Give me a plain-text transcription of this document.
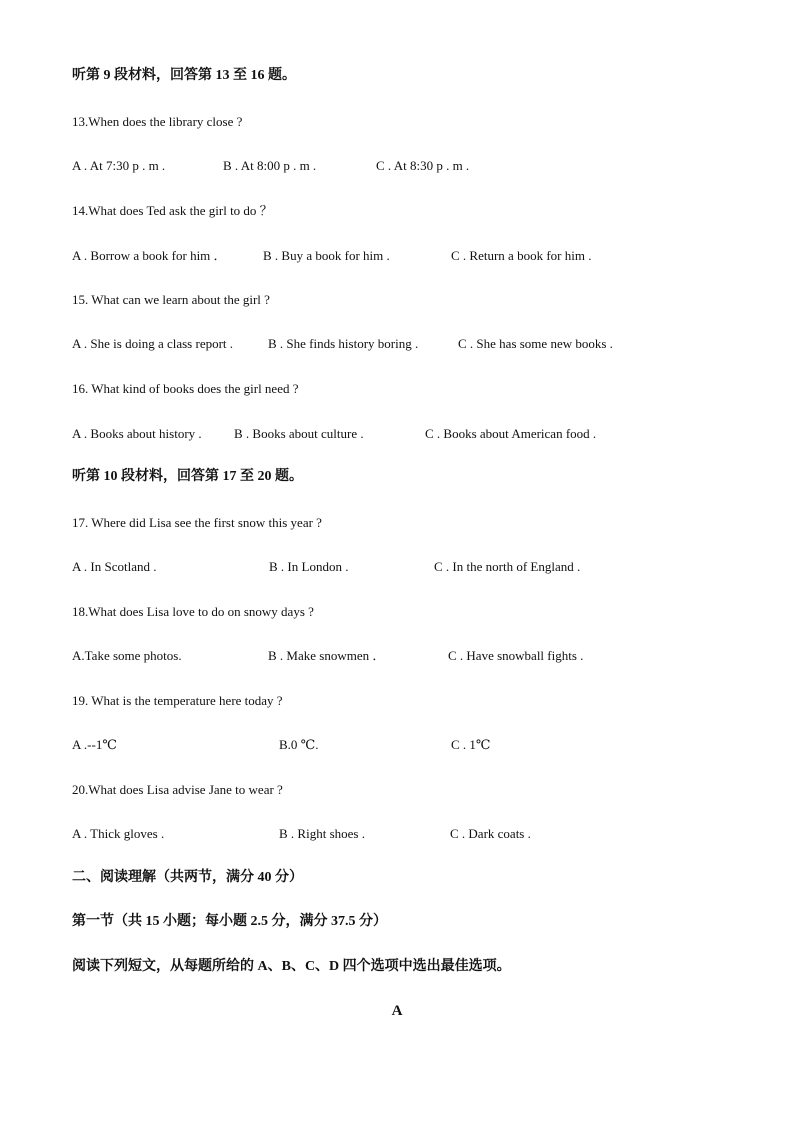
听第 9 段材料，回答第 13 至 16 题。
13.When does the library close ?
A . At 7:30 p . m .	B . At 8:00 p . m .	C . At 8:30 p . m .
14.What does Ted ask the girl to do ？
A . Borrow a book for him ．	B . Buy a book for him .	C . Return a book for him .
15. What can we learn about the girl ?
A . She is doing a class report .	B . She finds history boring .	C . She has some new books .
16. What kind of books does the girl need ?
A . Books about history . B . Books about culture .	C . Books about American food .
听第 10 段材料，回答第 17 至 20 题。
17. Where did Lisa see the first snow this year ?
A . In Scotland .	B . In London .	C . In the north of England .
18.What does Lisa love to do on snowy days ?
A.Take some photos.	B . Make snowmen ．	C . Have snowball fights .
19. What is the temperature here today ?
A .--1℃	B.0 ℃.	C . 1℃
20.What does Lisa advise Jane to wear ?
A . Thick gloves .	B . Right shoes .	C . Dark coats .
二、阅读理解（共两节，满分 40 分）
第一节（共 15 小题；每小题 2.5 分，满分 37.5 分）
阅读下列短文，从每题所给的 A、B、C、D 四个选项中选出最佳选项。
A
